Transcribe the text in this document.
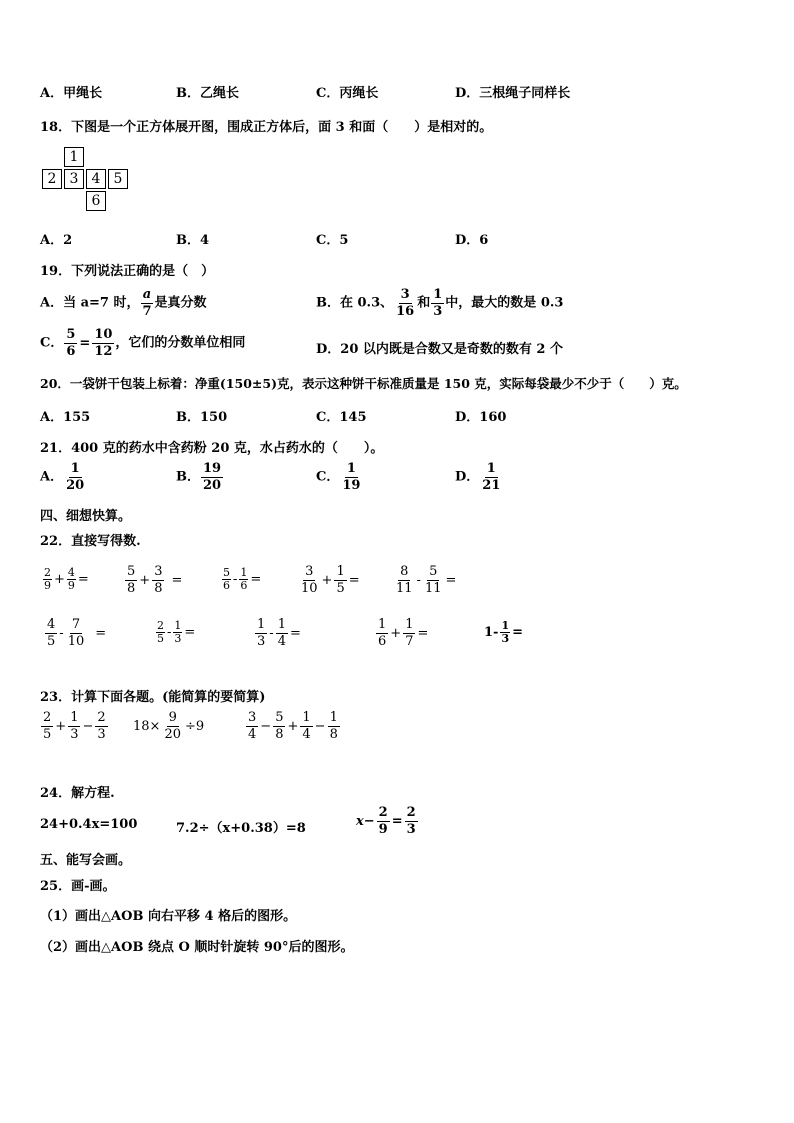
A．甲绳长	B．乙绳长	C．丙绳长	D．三根绳子同样长
18．下图是一个正方体展开图，围成正方体后，面 3 和面（　　）是相对的。
1
2 3 4 5
6
A．2	B．4	C．5	D．6
19．下列说法正确的是（　）
A．当 a=7 时， $\frac{a}{7}$ 是真分数	B．在 0.3、 $\frac{3}{16}$ 和 $\frac{1}{3}$ 中，最大的数是 0.3
C． $\frac{5}{6} = \frac{10}{12}$ ，它们的分数单位相同	D．20 以内既是合数又是奇数的数有 2 个
20．一袋饼干包装上标着：净重(150±5)克，表示这种饼干标准质量是 150 克，实际每袋最少不少于（　　）克。
A．155	B．150	C．145	D．160
21．400 克的药水中含药粉 20 克，水占药水的（　　）。
A． $\frac{1}{20}$	B． $\frac{19}{20}$	C． $\frac{1}{19}$	D． $\frac{1}{21}$
四、细想快算。
22．直接写得数.
$\frac{2}{9} + \frac{4}{9}$ =	$\frac{5}{8} + \frac{3}{8}$ =	$\frac{5}{6} - \frac{1}{6}$ =	$\frac{3}{10} + \frac{1}{5}$ =	$\frac{8}{11} - \frac{5}{11}$ =
$\frac{4}{5} - \frac{7}{10}$ =	$\frac{2}{5} - \frac{1}{3}$ =	$\frac{1}{3} - \frac{1}{4}$ =	$\frac{1}{6} + \frac{1}{7}$ =	$1- \frac{1}{3}$ =
23．计算下面各题。(能简算的要简算)
$\frac{2}{5} + \frac{1}{3} - \frac{2}{3} 18\times \frac{9}{20} \div 9$	$\frac{3}{4} - \frac{5}{8} + \frac{1}{4} - \frac{1}{8}$
24．解方程.
24+0.4x=100	7.2÷（x+0.38）=8	$x- \frac{2}{9} = \frac{2}{3}$
五、能写会画。
25．画-画。
（1）画出△AOB 向右平移 4 格后的图形。
（2）画出△AOB 绕点 O 顺时针旋转 90°后的图形。
